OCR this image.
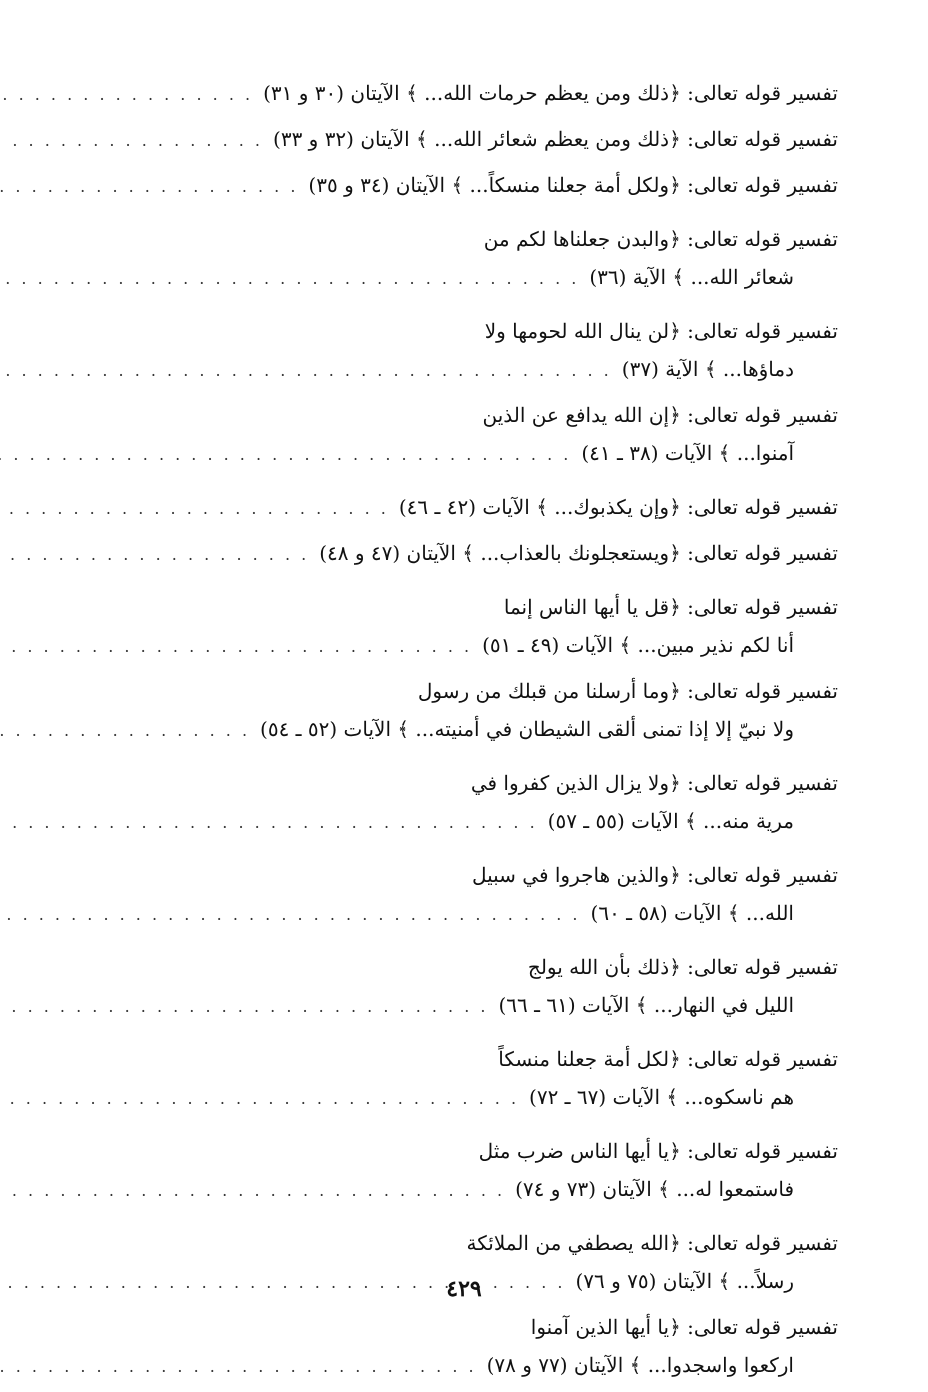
تفسير قوله تعالى: ﴿ذلك ومن يعظم حرمات الله... ﴾ الآيتان (٣٠ و ٣١)
. . .
تفسير قوله تعالى: ﴿ذلك ومن يعظم شعائر الله... ﴾ الآيتان (٣٢ و ٣٣)
. . .
تفسير قوله تعالى: ﴿ولكل أمة جعلنا منسكاً... ﴾ الآيتان (٣٤ و ٣٥)
. . .
تفسير قوله تعالى: ﴿والبدن جعلناها لكم من
شعائر الله... ﴾ الآية (٣٦)
. . .
تفسير قوله تعالى: ﴿لن ينال الله لحومها ولا
دماؤها... ﴾ الآية (٣٧)
. . .
تفسير قوله تعالى: ﴿إن الله يدافع عن الذين
آمنوا... ﴾ الآيات (٣٨ ـ ٤١)
. . .
تفسير قوله تعالى: ﴿وإن يكذبوك... ﴾ الآيات (٤٢ ـ ٤٦)
. . .
تفسير قوله تعالى: ﴿ويستعجلونك بالعذاب... ﴾ الآيتان (٤٧ و ٤٨)
. . .
تفسير قوله تعالى: ﴿قل يا أيها الناس إنما
أنا لكم نذير مبين... ﴾ الآيات (٤٩ ـ ٥١)
. . .
تفسير قوله تعالى: ﴿وما أرسلنا من قبلك من رسول
ولا نبيّ إلا إذا تمنى ألقى الشيطان في أمنيته... ﴾ الآيات (٥٢ ـ ٥٤)
. . .
تفسير قوله تعالى: ﴿ولا يزال الذين كفروا في
مرية منه... ﴾ الآيات (٥٥ ـ ٥٧)
. . .
تفسير قوله تعالى: ﴿والذين هاجروا في سبيل
الله... ﴾ الآيات (٥٨ ـ ٦٠)
. . .
تفسير قوله تعالى: ﴿ذلك بأن الله يولج
الليل في النهار... ﴾ الآيات (٦١ ـ ٦٦)
. . .
تفسير قوله تعالى: ﴿لكل أمة جعلنا منسكاً
هم ناسكوه... ﴾ الآيات (٦٧ ـ ٧٢)
. . .
تفسير قوله تعالى: ﴿يا أيها الناس ضرب مثل
فاستمعوا له... ﴾ الآيتان (٧٣ و ٧٤)
. . .
تفسير قوله تعالى: ﴿الله يصطفي من الملائكة
رسلاً... ﴾ الآيتان (٧٥ و ٧٦)
. . .
تفسير قوله تعالى: ﴿يا أيها الذين آمنوا
اركعوا واسجدوا... ﴾ الآيتان (٧٧ و ٧٨)
. . .
٤٢٩
